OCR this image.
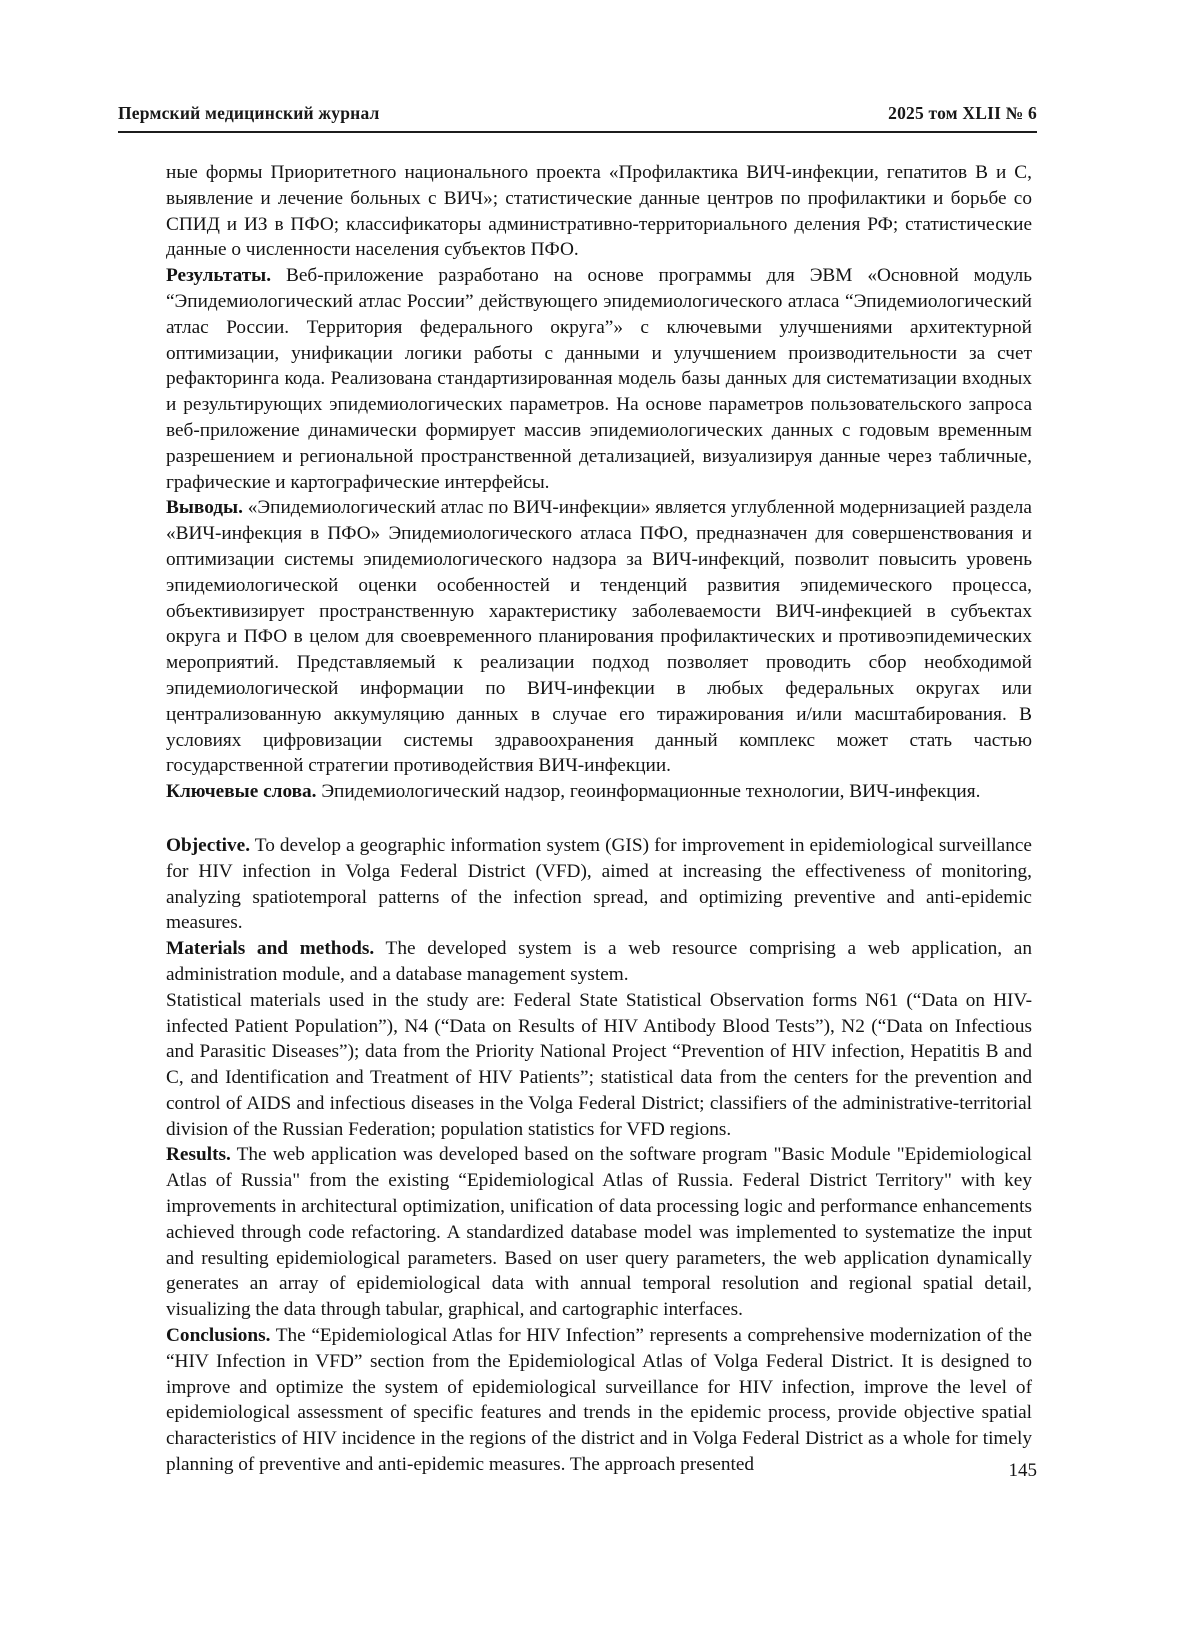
Пермский медицинский журнал	2025 том XLII № 6

ные формы Приоритетного национального проекта «Профилактика ВИЧ-инфекции, гепатитов B и C, выявление и лечение больных с ВИЧ»; статистические данные центров по профилактики и борьбе со СПИД и ИЗ в ПФО; классификаторы административно-территориального деления РФ; статистические данные о численности населения субъектов ПФО.

Результаты. Веб-приложение разработано на основе программы для ЭВМ «Основной модуль “Эпидемиологический атлас России” действующего эпидемиологического атласа “Эпидемиологический атлас России. Территория федерального округа”» с ключевыми улучшениями архитектурной оптимизации, унификации логики работы с данными и улучшением производительности за счет рефакторинга кода. Реализована стандартизированная модель базы данных для систематизации входных и результирующих эпидемиологических параметров. На основе параметров пользовательского запроса веб-приложение динамически формирует массив эпидемиологических данных с годовым временным разрешением и региональной пространственной детализацией, визуализируя данные через табличные, графические и картографические интерфейсы.

Выводы. «Эпидемиологический атлас по ВИЧ-инфекции» является углубленной модернизацией раздела «ВИЧ-инфекция в ПФО» Эпидемиологического атласа ПФО, предназначен для совершенствования и оптимизации системы эпидемиологического надзора за ВИЧ-инфекций, позволит повысить уровень эпидемиологической оценки особенностей и тенденций развития эпидемического процесса, объективизирует пространственную характеристику заболеваемости ВИЧ-инфекцией в субъектах округа и ПФО в целом для своевременного планирования профилактических и противоэпидемических мероприятий. Представляемый к реализации подход позволяет проводить сбор необходимой эпидемиологической информации по ВИЧ-инфекции в любых федеральных округах или централизованную аккумуляцию данных в случае его тиражирования и/или масштабирования. В условиях цифровизации системы здравоохранения данный комплекс может стать частью государственной стратегии противодействия ВИЧ-инфекции.

Ключевые слова. Эпидемиологический надзор, геоинформационные технологии, ВИЧ-инфекция.

Objective. To develop a geographic information system (GIS) for improvement in epidemiological surveillance for HIV infection in Volga Federal District (VFD), aimed at increasing the effectiveness of monitoring, analyzing spatiotemporal patterns of the infection spread, and optimizing preventive and anti-epidemic measures.

Materials and methods. The developed system is a web resource comprising a web application, an administration module, and a database management system.

Statistical materials used in the study are: Federal State Statistical Observation forms N61 (“Data on HIV-infected Patient Population”), N4 (“Data on Results of HIV Antibody Blood Tests”), N2 (“Data on Infectious and Parasitic Diseases”); data from the Priority National Project “Prevention of HIV infection, Hepatitis B and C, and Identification and Treatment of HIV Patients”; statistical data from the centers for the prevention and control of AIDS and infectious diseases in the Volga Federal District; classifiers of the administrative-territorial division of the Russian Federation; population statistics for VFD regions.

Results. The web application was developed based on the software program "Basic Module "Epidemiological Atlas of Russia" from the existing “Epidemiological Atlas of Russia. Federal District Territory" with key improvements in architectural optimization, unification of data processing logic and performance enhancements achieved through code refactoring. A standardized database model was implemented to systematize the input and resulting epidemiological parameters. Based on user query parameters, the web application dynamically generates an array of epidemiological data with annual temporal resolution and regional spatial detail, visualizing the data through tabular, graphical, and cartographic interfaces.

Conclusions. The “Epidemiological Atlas for HIV Infection” represents a comprehensive modernization of the “HIV Infection in VFD” section from the Epidemiological Atlas of Volga Federal District. It is designed to improve and optimize the system of epidemiological surveillance for HIV infection, improve the level of epidemiological assessment of specific features and trends in the epidemic process, provide objective spatial characteristics of HIV incidence in the regions of the district and in Volga Federal District as a whole for timely planning of preventive and anti-epidemic measures. The approach presented	145
